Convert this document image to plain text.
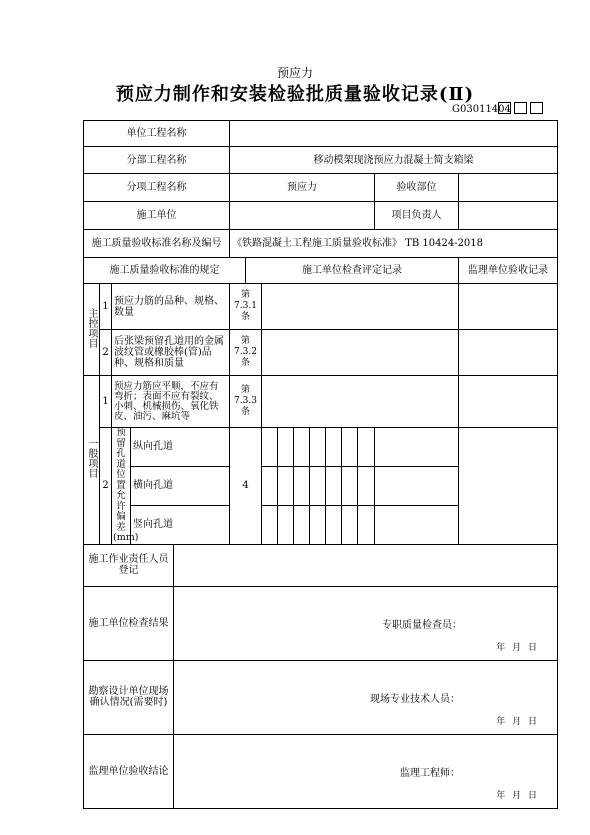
预应力
预应力制作和安装检验批质量验收记录(Ⅱ)
G03011404
单位工程名称															
分部工程名称					移动模架现浇预应力混凝土简支箱梁										
分项工程名称					预应力									验收部位	
施工单位														项目负责人	
施工质量验收标准名称及编号					《铁路混凝土工程施工质量验收标准》 TB 10424-2018										
施工质量验收标准的规定						施工单位检查评定记录									监理单位验收记录
主控项目	1	预应力筋的品种、规格、数量			第7.3.1条										
	2	后张梁预留孔道用的金属波纹管或橡胶棒(管)品种、规格和质量			第7.3.2条										
一般项目	1	预应力筋应平顺，不应有弯折；表面不应有裂纹、小刺、机械损伤、氧化铁皮、油污、麻坑等			第7.3.3条										
	2	预留孔道位置允许偏差(mm)	纵向孔道		4										
			横向孔道												
			竖向孔道												
施工作业责任人员登记															
施工单位检查结果				专职质量检查员：
年 月 日											

勘察设计单位现场确认情况(需要时)				现场专业技术人员：
年 月 日											

监理单位验收结论				监理工程师：
年 月 日											
